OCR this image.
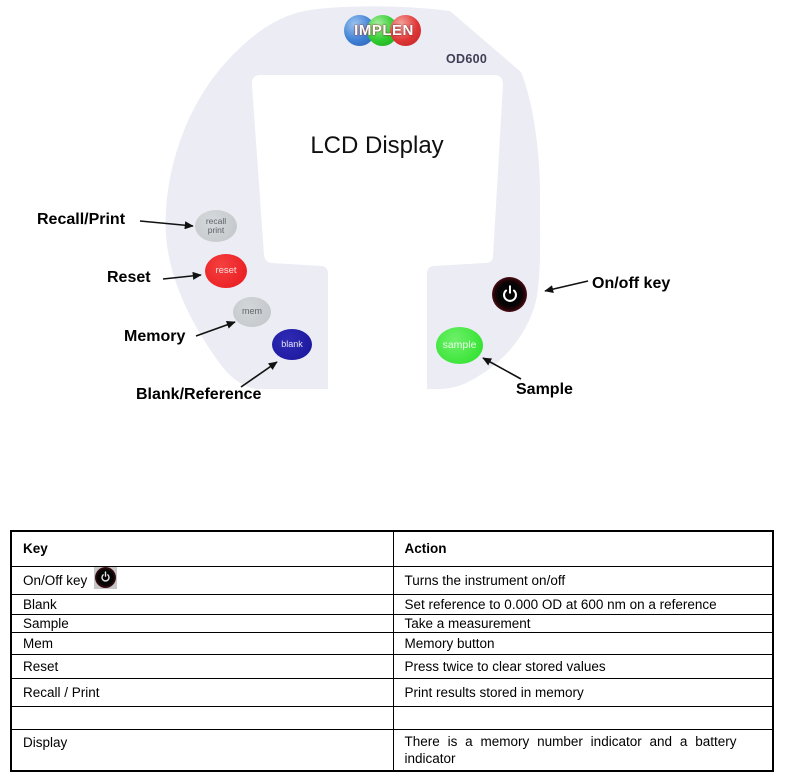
IMPLEN
OD600
LCD Display
recall
print
reset
mem
blank	sample
Recall/Print
Reset
Memory
Blank/Reference
On/off key
Sample
Key	Action

On/Off key	Turns the instrument on/off
Blank	Set reference to 0.000 OD at 600 nm on a reference
Sample	Take a measurement
Mem	Memory button
Reset	Press twice to clear stored values
Recall / Print	Print results stored in memory

Display	There is a memory number indicator and a battery indicator
